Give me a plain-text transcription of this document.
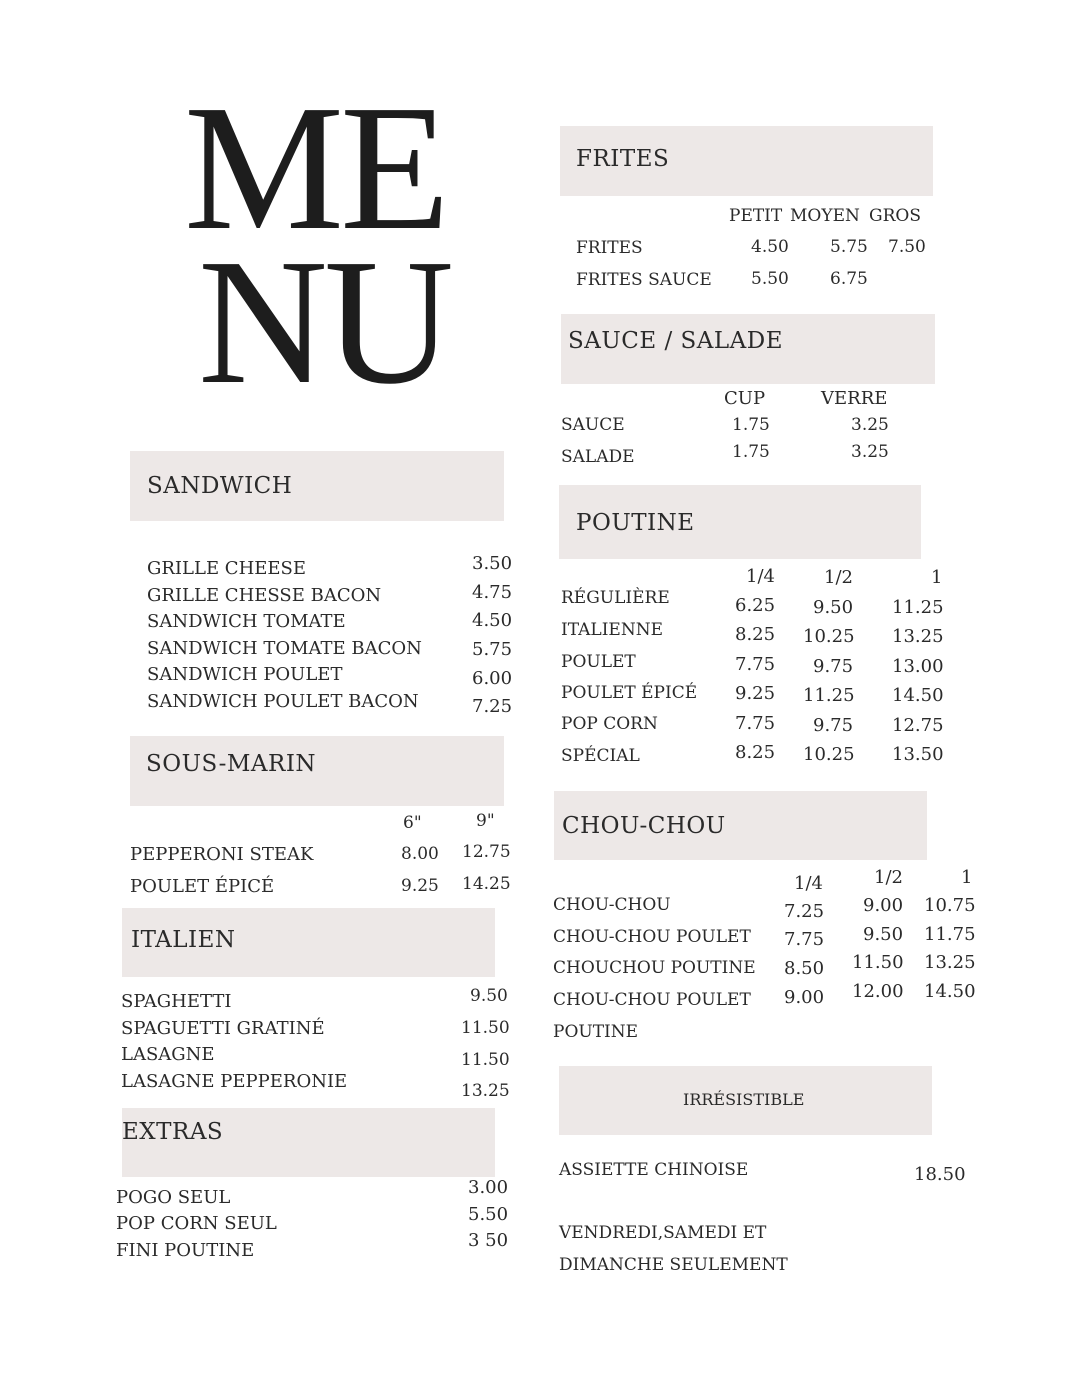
ME
NU
SANDWICH
GRILLE CHEESE	3.50
GRILLE CHESSE BACON	4.75
SANDWICH TOMATE	4.50
SANDWICH TOMATE BACON	5.75
SANDWICH POULET	6.00
SANDWICH POULET BACON	7.25
SOUS-MARIN
6"	9"
PEPPERONI STEAK	8.00 12.75
POULET ÉPICÉ	9.25 14.25
ITALIEN
SPAGHETTI	9.50
SPAGUETTI GRATINÉ	11.50
LASAGNE	11.50
LASAGNE PEPPERONIE	13.25
EXTRAS
POGO SEUL	3.00
POP CORN SEUL	5.50
FINI POUTINE	3 50
FRITES
PETIT MOYEN GROS
FRITES	4.50 5.75 7.50
FRITES SAUCE 5.50 6.75
SAUCE / SALADE
CUP	VERRE
SAUCE	1.75	3.25
SALADE	1.75	3.25
POUTINE
1/4	1/2	1
RÉGULIÈRE	6.25 9.50 11.25
ITALIENNE	8.25 10.25 13.25
POULET	7.75 9.75 13.00
POULET ÉPICÉ 9.25 11.25 14.50
POP CORN	7.75 9.75 12.75
SPÉCIAL	8.25 10.25 13.50
CHOU-CHOU
1/4	1/2	1
CHOU-CHOU	7.25 9.00 10.75
CHOU-CHOU POULET 7.75 9.50 11.75
CHOUCHOU POUTINE 8.50 11.50 13.25
CHOU-CHOU POULET 9.00 12.00 14.50
POUTINE
IRRÉSISTIBLE
ASSIETTE CHINOISE	18.50
VENDREDI,SAMEDI ET
DIMANCHE SEULEMENT
